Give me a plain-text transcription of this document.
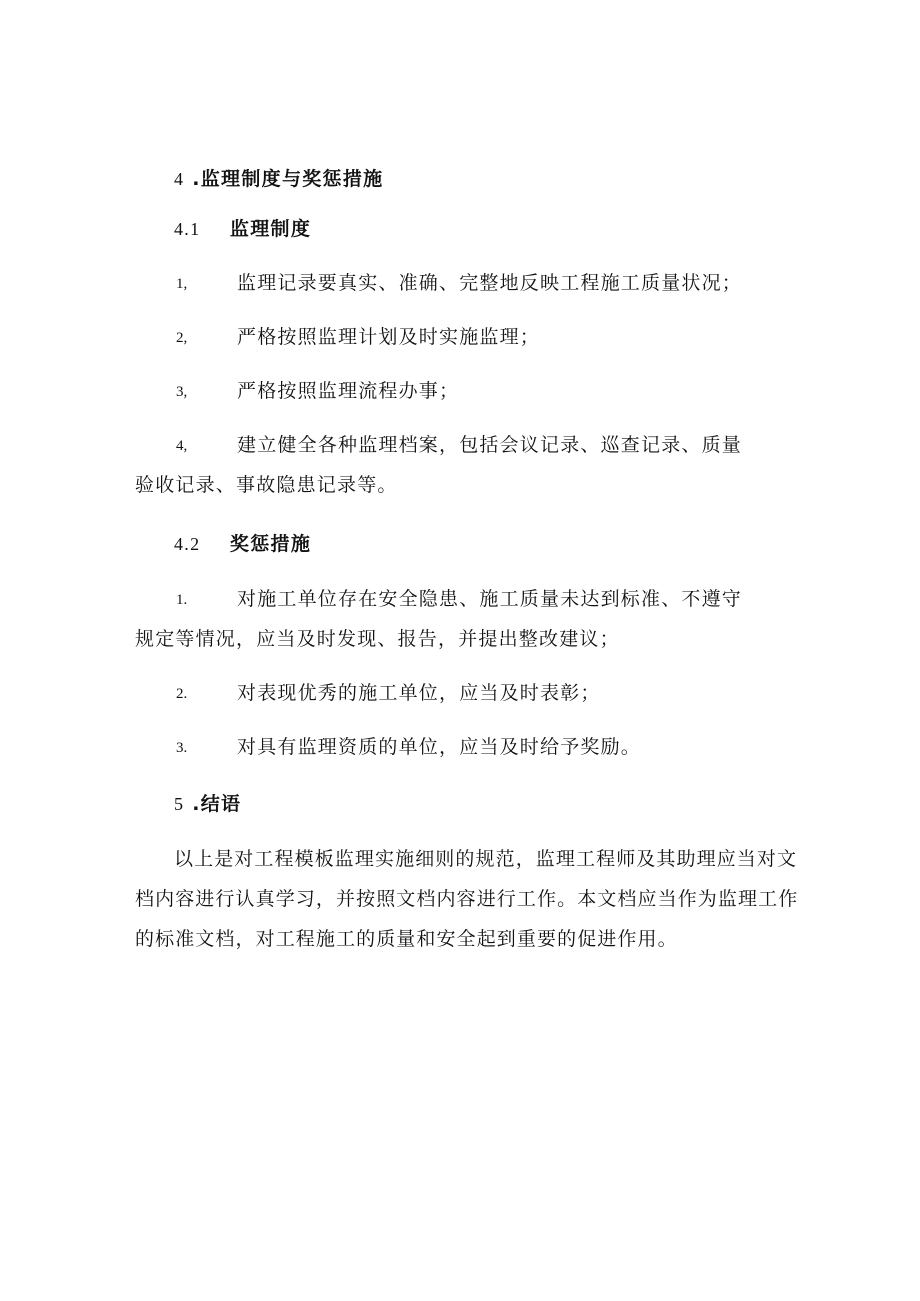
4 .监理制度与奖惩措施
4.1 监理制度
1,	监理记录要真实、准确、完整地反映工程施工质量状况；
2,	严格按照监理计划及时实施监理；
3,	严格按照监理流程办事；
4,	建立健全各种监理档案，包括会议记录、巡查记录、质量
验收记录、事故隐患记录等。
4.2 奖惩措施
1.	对施工单位存在安全隐患、施工质量未达到标准、不遵守
规定等情况，应当及时发现、报告，并提出整改建议；
2.	对表现优秀的施工单位，应当及时表彰；
3.	对具有监理资质的单位，应当及时给予奖励。
5 .结语
以上是对工程模板监理实施细则的规范，监理工程师及其助理应当对文
档内容进行认真学习，并按照文档内容进行工作。本文档应当作为监理工作
的标准文档，对工程施工的质量和安全起到重要的促进作用。
